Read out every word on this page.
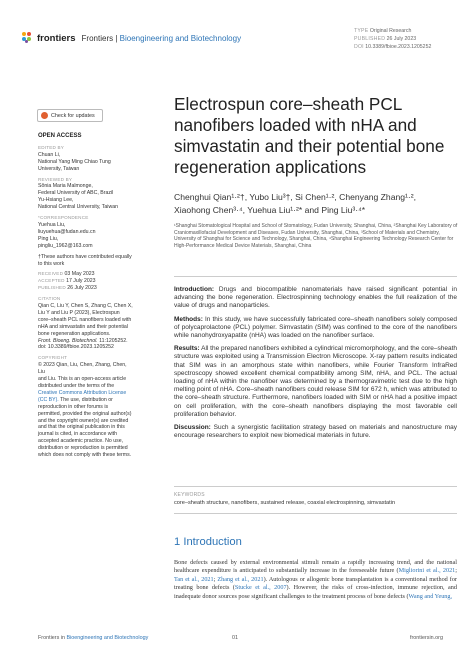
frontiers Frontiers | Bioengineering and Biotechnology
TYPE Original Research
PUBLISHED 26 July 2023
DOI 10.3389/fbioe.2023.1205252
Check for updates
OPEN ACCESS
EDITED BY
Chuan Li,
National Yang Ming Chiao Tung
University, Taiwan
REVIEWED BY
Sônia Maria Malmonge,
Federal University of ABC, Brazil
Yu-Hsiang Lee,
National Central University, Taiwan
*CORRESPONDENCE
Yuehua Liu,
liuyuehua@fudan.edu.cn
Ping Liu,
pingliu_1962@163.com
†These authors have contributed equally
to this work
RECEIVED 03 May 2023
ACCEPTED 17 July 2023
PUBLISHED 26 July 2023
CITATION
Qian C, Liu Y, Chen S, Zhang C, Chen X,
Liu Y and Liu P (2023), Electrospun
core–sheath PCL nanofibers loaded with
nHA and simvastatin and their potential
bone regeneration applications.
Front. Bioeng. Biotechnol. 11:1205252.
doi: 10.3389/fbioe.2023.1205252
COPYRIGHT
© 2023 Qian, Liu, Chen, Zhang, Chen, Liu
and Liu. This is an open-access article
distributed under the terms of the
Creative Commons Attribution License
(CC BY). The use, distribution or
reproduction in other forums is
permitted, provided the original author(s)
and the copyright owner(s) are credited
and that the original publication in this
journal is cited, in accordance with
accepted academic practice. No use,
distribution or reproduction is permitted
which does not comply with these terms.
Electrospun core–sheath PCL nanofibers loaded with nHA and simvastatin and their potential bone regeneration applications
Chenghui Qian¹·²†, Yubo Liu³†, Si Chen¹·², Chenyang Zhang¹·²,
Xiaohong Chen³·⁴, Yuehua Liu¹·²* and Ping Liu³·⁴*
¹Shanghai Stomatological Hospital and School of Stomatology, Fudan University, Shanghai, China, ²Shanghai Key Laboratory of Craniomaxillofacial Development and Diseases, Fudan University, Shanghai, China, ³School of Materials and Chemistry, University of Shanghai for Science and Technology, Shanghai, China, ⁴Shanghai Engineering Technology Research Center for High-Performance Medical Device Materials, Shanghai, China

Introduction: Drugs and biocompatible nanomaterials have raised significant potential in advancing the bone regeneration. Electrospinning technology enables the full realization of the value of drugs and nanoparticles.

Methods: In this study, we have successfully fabricated core–sheath nanofibers solely composed of polycaprolactone (PCL) polymer. Simvastatin (SIM) was confined to the core of the nanofibers while nanohydroxyapatite (nHA) was loaded on the nanofiber surface.

Results: All the prepared nanofibers exhibited a cylindrical micromorphology, and the core–sheath structure was exploited using a Transmission Electron Microscope. X-ray pattern results indicated that SIM was in an amorphous state within nanofibers, while Fourier Transform InfraRed spectroscopy showed excellent chemical compatibility among SIM, nHA, and PCL. The actual loading of nHA within the nanofiber was determined by a thermogravimetric test due to the high melting point of nHA. Core–sheath nanofibers could release SIM for 672 h, which was attributed to the core–sheath structure. Furthermore, nanofibers loaded with SIM or nHA had a positive impact on cell proliferation, with the core–sheath nanofibers displaying the most favorable cell proliferation behavior.

Discussion: Such a synergistic facilitation strategy based on materials and nanostructure may encourage researchers to exploit new biomedical materials in future.

KEYWORDS
core–sheath structure, nanofibers, sustained release, coaxial electrospinning, simvastatin
1 Introduction
Bone defects caused by external environmental stimuli remain a rapidly increasing trend, and the national healthcare expenditure is anticipated to substantially increase in the foreseeable future (Migliorini et al., 2021; Tan et al., 2021; Zhang et al., 2021). Autologous or allogenic bone transplantation is a conventional method for treating bone defects (Stucke et al., 2007). However, the risks of cross-infection, immune rejection, and inadequate donor sources pose significant challenges to the treatment process of bone defects (Wang and Yeung,
Frontiers in Bioengineering and Biotechnology	01	frontiersin.org
